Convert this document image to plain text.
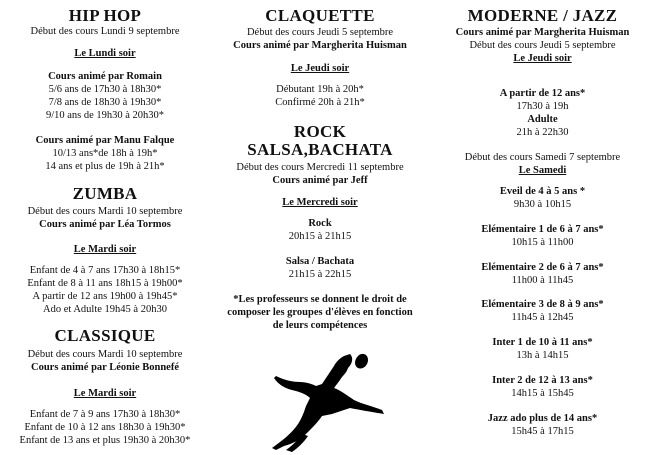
HIP HOP
Début des cours Lundi 9 septembre
Le Lundi soir
Cours animé par Romain
5/6 ans de 17h30 à 18h30*
7/8 ans de 18h30 à 19h30*
9/10 ans de 19h30 à 20h30*
Cours animé par Manu Falque
10/13 ans*de 18h à 19h*
14 ans et plus de 19h à 21h*
ZUMBA
Début des cours Mardi 10 septembre
Cours animé par Léa Tormos
Le Mardi soir
Enfant de 4 à 7 ans 17h30 à 18h15*
Enfant de 8 à 11 ans 18h15 à 19h00*
A partir de 12 ans 19h00 à 19h45*
Ado et Adulte 19h45 à 20h30
CLASSIQUE
Début des cours Mardi 10 septembre
Cours animé par Léonie Bonnefé
Le Mardi soir
Enfant de 7 à 9 ans 17h30 à 18h30*
Enfant de 10 à 12 ans 18h30 à 19h30*
Enfant de 13 ans et plus 19h30 à 20h30*
CLAQUETTE
Début des cours Jeudi 5 septembre
Cours animé par Margherita Huisman
Le Jeudi soir
Débutant 19h à 20h*
Confirmé 20h à 21h*
ROCK
SALSA,BACHATA
Début des cours Mercredi 11 septembre
Cours animé par Jeff
Le Mercredi soir
Rock
20h15 à 21h15
Salsa / Bachata
21h15 à 22h15
*Les professeurs se donnent le droit de
composer les groupes d'élèves en fonction
de leurs compétences
MODERNE / JAZZ
Cours animé par Margherita Huisman
Début des cours Jeudi 5 septembre
Le Jeudi soir
A partir de 12 ans*
17h30 à 19h
Adulte
21h à 22h30
Début des cours Samedi 7 septembre
Le Samedi
Eveil de 4 à 5 ans *
9h30 à 10h15
Elémentaire 1 de 6 à 7 ans*
10h15 à 11h00
Elémentaire 2 de 6 à 7 ans*
11h00 à 11h45
Elémentaire 3 de 8 à 9 ans*
11h45 à 12h45
Inter 1 de 10 à 11 ans*
13h à 14h15
Inter 2 de 12 à 13 ans*
14h15 à 15h45
Jazz ado plus de 14 ans*
15h45 à 17h15
